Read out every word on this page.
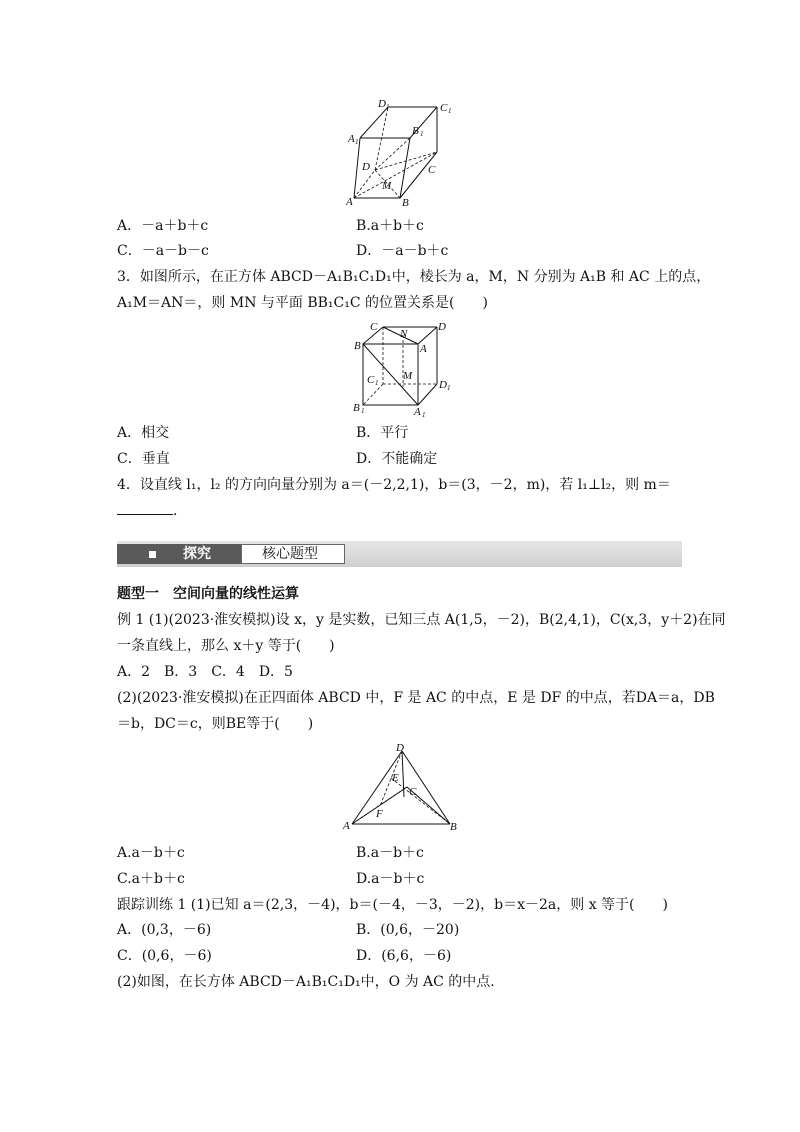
D 1	C 1
A 1
B 1
D	C
M
A	B
A．－a＋b＋c	B.a＋b＋c
C．－a－b－c	D．－a－b＋c
3．如图所示，在正方体 ABCD－A₁B₁C₁D₁中，棱长为 a，M，N 分别为 A₁B 和 AC 上的点，
A₁M＝AN＝，则 MN 与平面 BB₁C₁C 的位置关系是(　　)
C
N
D
B	A
C 1
M
D 1
B 1	A 1
A．相交	B．平行
C．垂直	D．不能确定
4．设直线 l₁，l₂ 的方向向量分别为 a＝(－2,2,1)，b＝(3，－2，m)，若 l₁⊥l₂，则 m＝
.
探究	核心题型
题型一　空间向量的线性运算
例 1 (1)(2023·淮安模拟)设 x，y 是实数，已知三点 A(1,5，－2)，B(2,4,1)，C(x,3，y＋2)在同
一条直线上，那么 x＋y 等于(　　)
A．2　B．3　C．4　D．5
(2)(2023·淮安模拟)在正四面体 ABCD 中，F 是 AC 的中点，E 是 DF 的中点，若DA＝a，DB
＝b，DC＝c，则BE等于(　　)
D
E
C
A
F
B
A.a－b＋c	B.a－b＋c
C.a＋b＋c	D.a－b＋c
跟踪训练 1 (1)已知 a＝(2,3，－4)，b＝(－4，－3，－2)，b＝x－2a，则 x 等于(　　)
A．(0,3，－6)	B．(0,6，－20)
C．(0,6，－6)	D．(6,6，－6)
(2)如图，在长方体 ABCD－A₁B₁C₁D₁中，O 为 AC 的中点.
